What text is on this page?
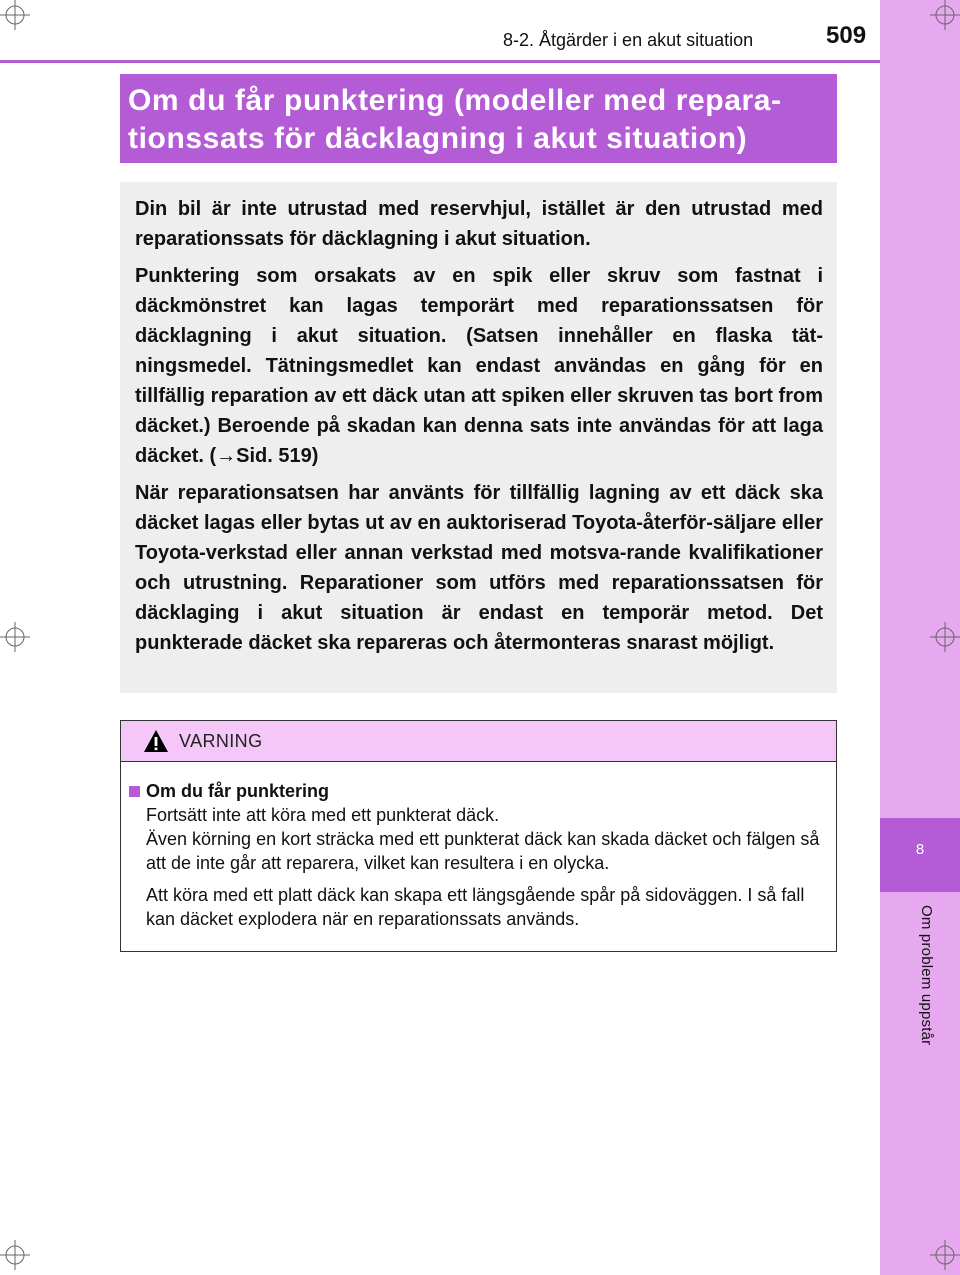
8
Om problem uppstår
8-2. Åtgärder i en akut situation	509
Om du får punktering (modeller med repara-
tionssats för däcklagning i akut situation)

Din bil är inte utrustad med reservhjul, istället är den utrustad med reparationssats för däcklagning i akut situation.

Punktering som orsakats av en spik eller skruv som fastnat i däckmönstret kan lagas temporärt med reparationssatsen för däcklagning i akut situation. (Satsen innehåller en flaska tät-ningsmedel. Tätningsmedlet kan endast användas en gång för en tillfällig reparation av ett däck utan att spiken eller skruven tas bort from däcket.) Beroende på skadan kan denna sats inte användas för att laga däcket. (→Sid. 519)

När reparationsatsen har använts för tillfällig lagning av ett däck ska däcket lagas eller bytas ut av en auktoriserad Toyota-återför-säljare eller Toyota-verkstad eller annan verkstad med motsva-rande kvalifikationer och utrustning. Reparationer som utförs med reparationssatsen för däcklaging i akut situation är endast en temporär metod. Det punkterade däcket ska repareras och återmonteras snarast möjligt.

VARNING
Om du får punktering
Fortsätt inte att köra med ett punkterat däck.
Även körning en kort sträcka med ett punkterat däck kan skada däcket och fälgen så att de inte går att reparera, vilket kan resultera i en olycka.
Att köra med ett platt däck kan skapa ett längsgående spår på sidoväggen. I så fall kan däcket explodera när en reparationssats används.
